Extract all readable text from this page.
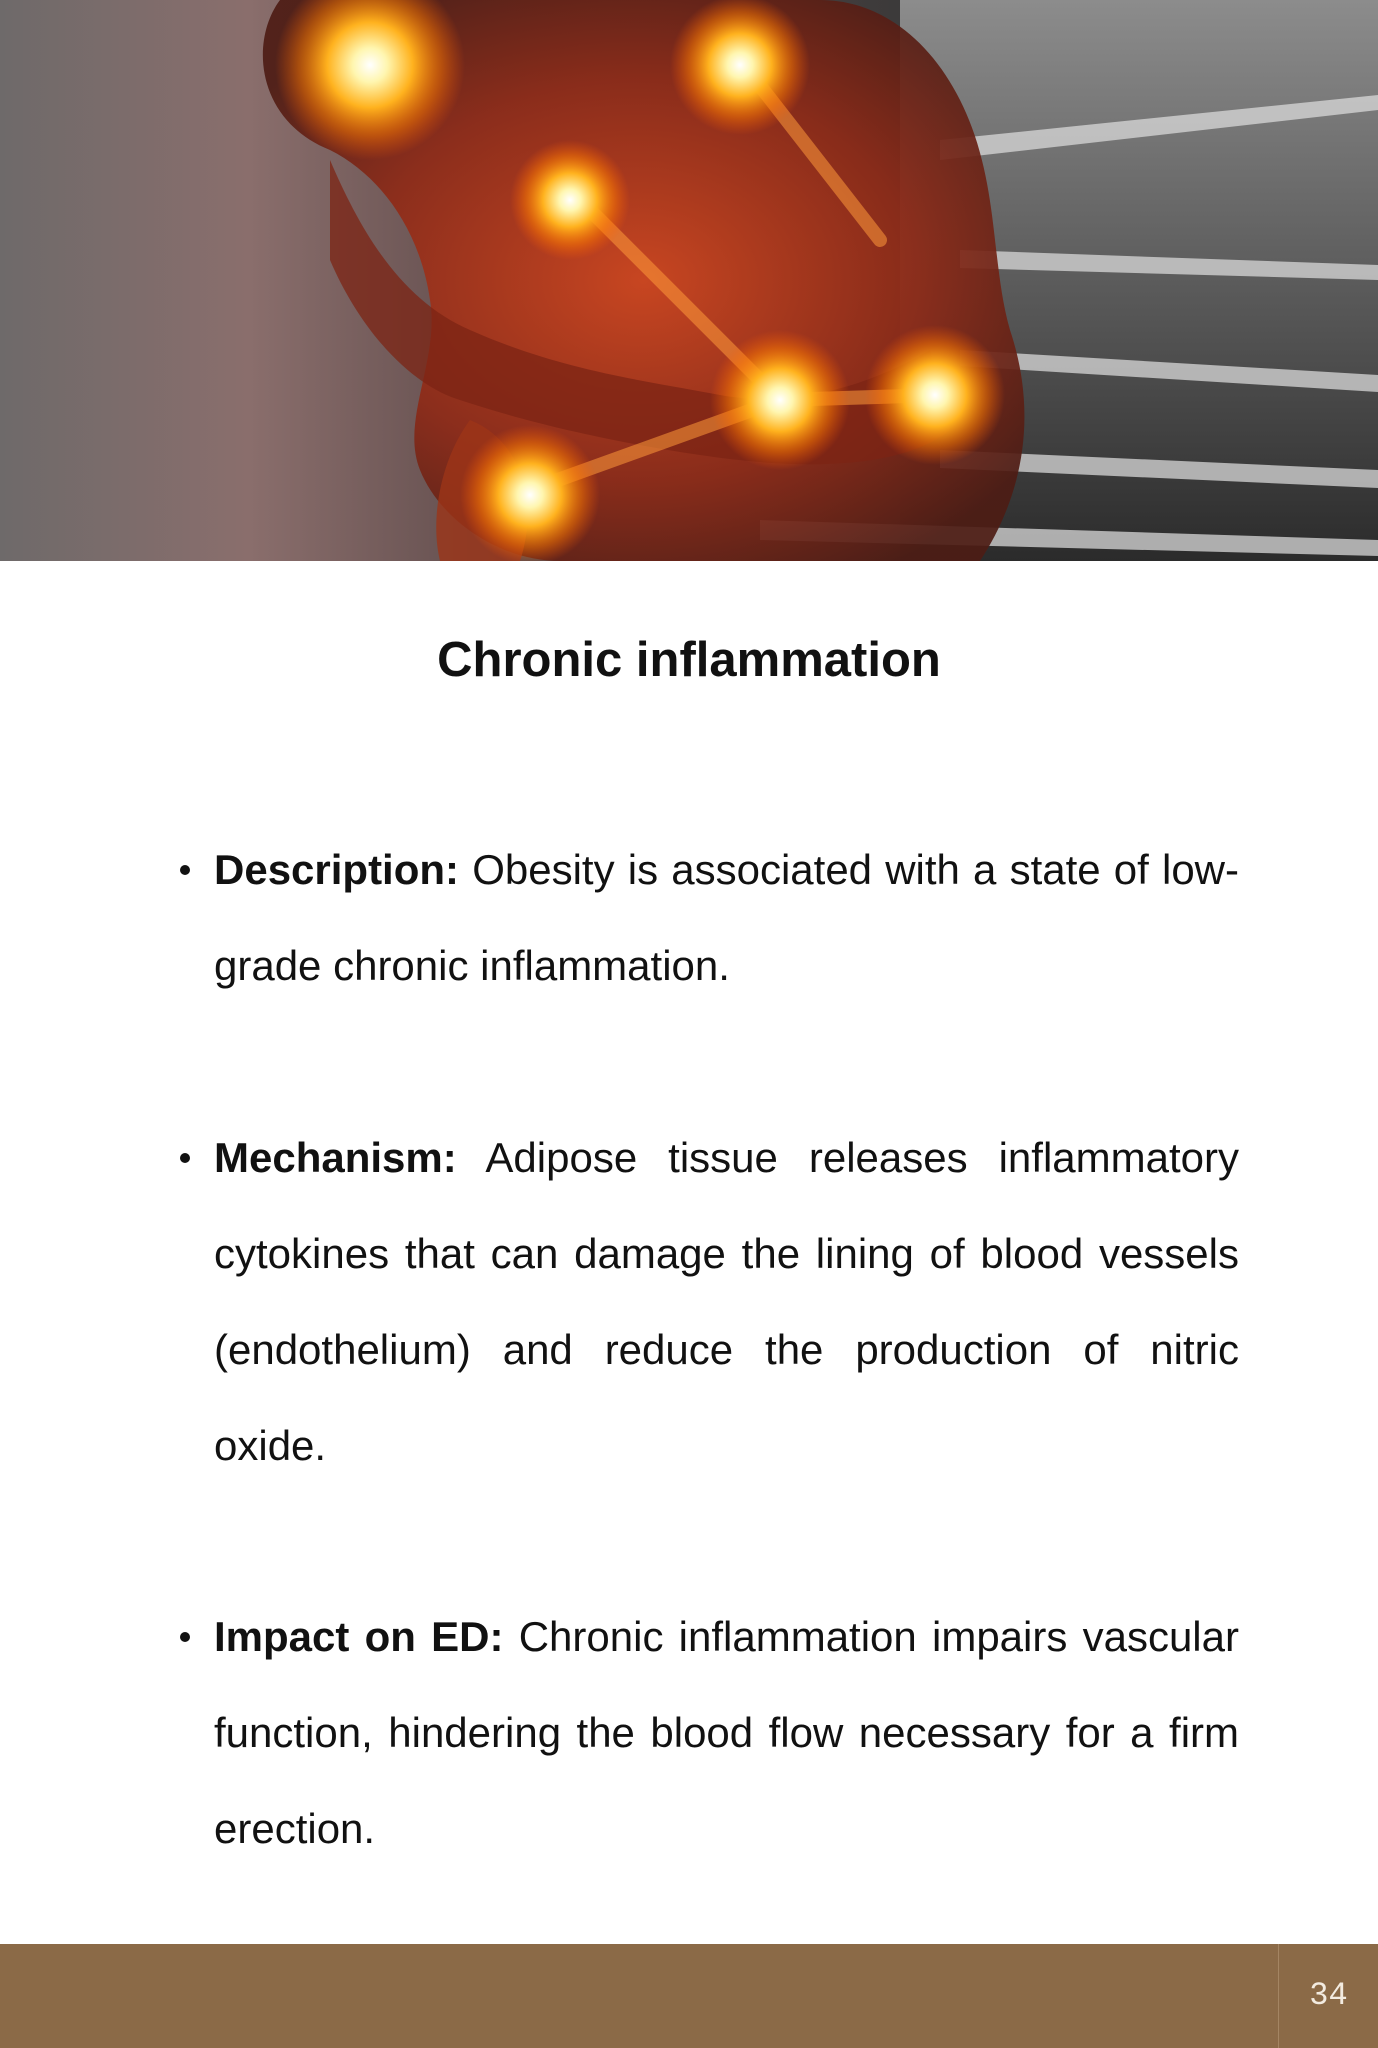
Chronic inflammation

Description: Obesity is associated with a state of low-grade chronic inflammation.

Mechanism: Adipose tissue releases inflammatory cytokines that can damage the lining of blood vessels (endothelium) and reduce the production of nitric oxide.

Impact on ED: Chronic inflammation impairs vascular function, hindering the blood flow necessary for a firm erection.

34
